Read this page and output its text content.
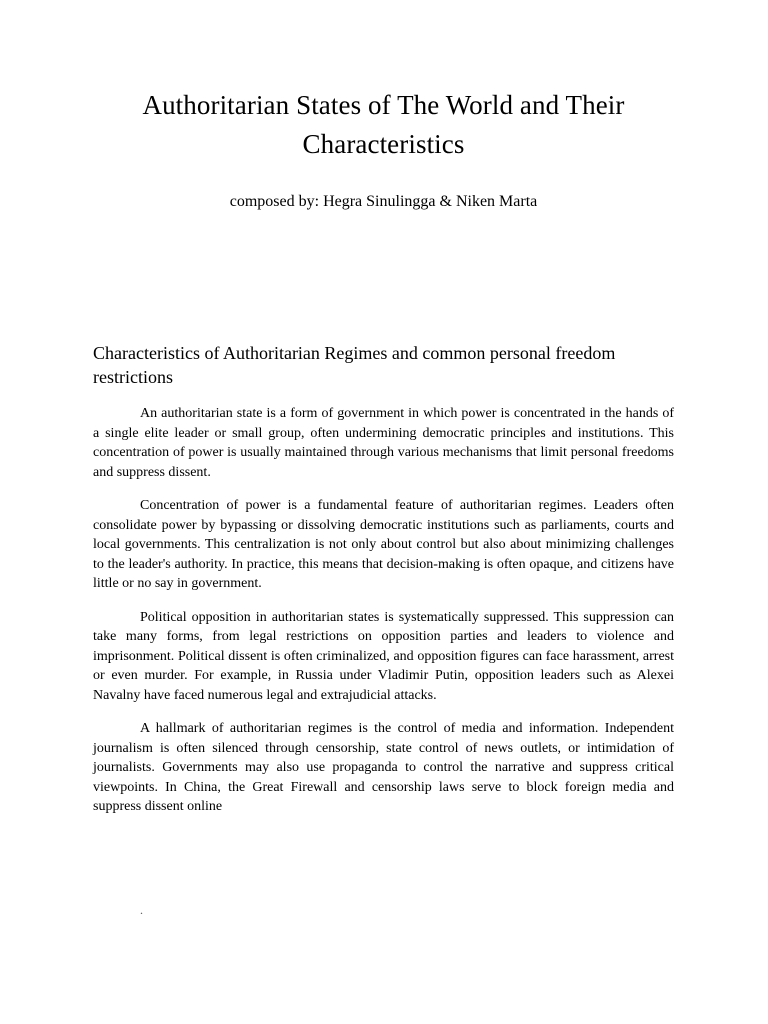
Authoritarian States of The World and Their Characteristics

composed by: Hegra Sinulingga & Niken Marta

Characteristics of Authoritarian Regimes and common personal freedom restrictions

An authoritarian state is a form of government in which power is concentrated in the hands of a single elite leader or small group, often undermining democratic principles and institutions. This concentration of power is usually maintained through various mechanisms that limit personal freedoms and suppress dissent.

Concentration of power is a fundamental feature of authoritarian regimes. Leaders often consolidate power by bypassing or dissolving democratic institutions such as parliaments, courts and local governments. This centralization is not only about control but also about minimizing challenges to the leader's authority. In practice, this means that decision-making is often opaque, and citizens have little or no say in government.

Political opposition in authoritarian states is systematically suppressed. This suppression can take many forms, from legal restrictions on opposition parties and leaders to violence and imprisonment. Political dissent is often criminalized, and opposition figures can face harassment, arrest or even murder. For example, in Russia under Vladimir Putin, opposition leaders such as Alexei Navalny have faced numerous legal and extrajudicial attacks.

A hallmark of authoritarian regimes is the control of media and information. Independent journalism is often silenced through censorship, state control of news outlets, or intimidation of journalists. Governments may also use propaganda to control the narrative and suppress critical viewpoints. In China, the Great Firewall and censorship laws serve to block foreign media and suppress dissent online

.
